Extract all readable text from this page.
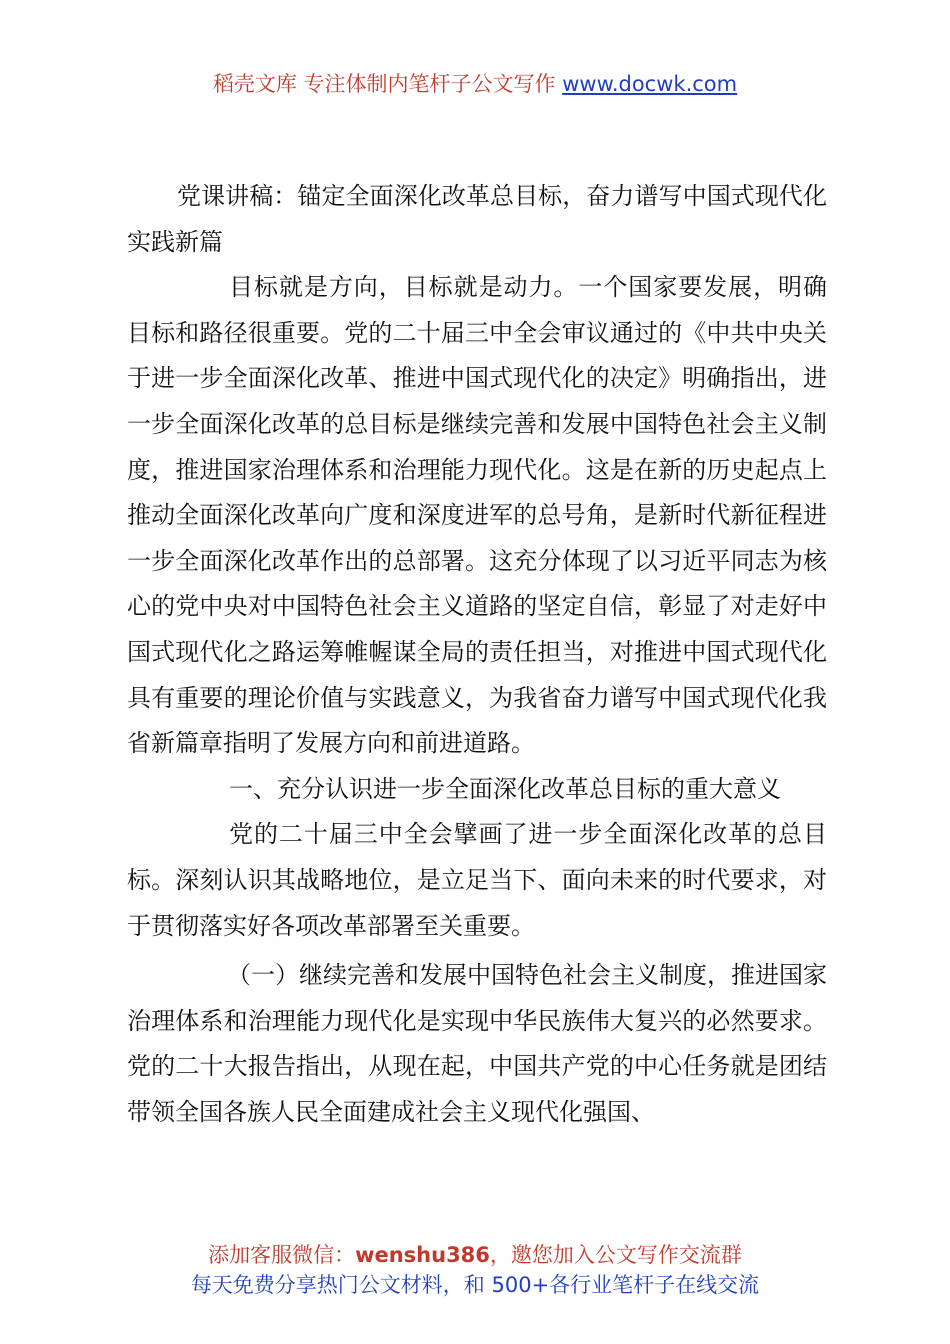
稻壳文库 专注体制内笔杆子公文写作 www.docwk.com

党课讲稿：锚定全面深化改革总目标，奋力谱写中国式现代化实践新篇

目标就是方向，目标就是动力。一个国家要发展，明确目标和路径很重要。党的二十届三中全会审议通过的《中共中央关于进一步全面深化改革、推进中国式现代化的决定》明确指出，进一步全面深化改革的总目标是继续完善和发展中国特色社会主义制度，推进国家治理体系和治理能力现代化。这是在新的历史起点上推动全面深化改革向广度和深度进军的总号角，是新时代新征程进一步全面深化改革作出的总部署。这充分体现了以习近平同志为核心的党中央对中国特色社会主义道路的坚定自信，彰显了对走好中国式现代化之路运筹帷幄谋全局的责任担当，对推进中国式现代化具有重要的理论价值与实践意义，为我省奋力谱写中国式现代化我省新篇章指明了发展方向和前进道路。

一、充分认识进一步全面深化改革总目标的重大意义

党的二十届三中全会擘画了进一步全面深化改革的总目标。深刻认识其战略地位，是立足当下、面向未来的时代要求，对于贯彻落实好各项改革部署至关重要。

（一）继续完善和发展中国特色社会主义制度，推进国家治理体系和治理能力现代化是实现中华民族伟大复兴的必然要求。党的二十大报告指出，从现在起，中国共产党的中心任务就是团结带领全国各族人民全面建成社会主义现代化强国、

添加客服微信：wenshu386，邀您加入公文写作交流群
每天免费分享热门公文材料，和 500+各行业笔杆子在线交流
